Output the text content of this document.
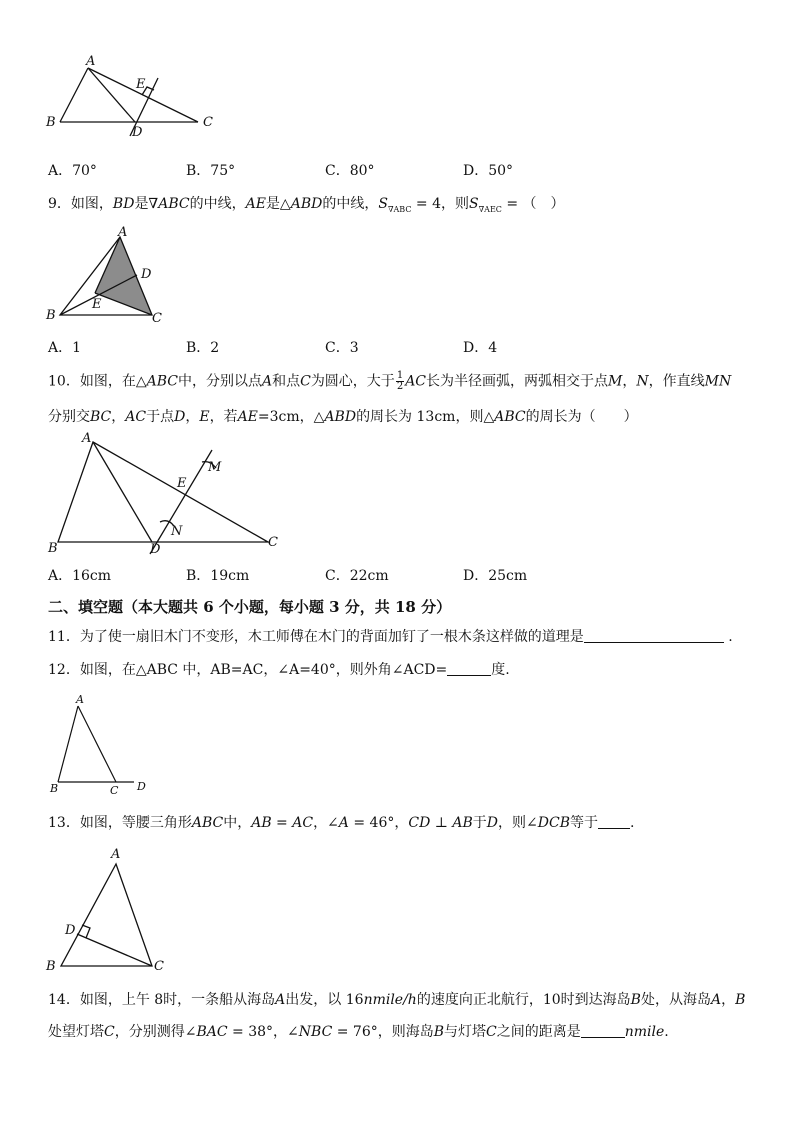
A
B	C
D
E
A．70°	B．75°	C．80°	D．50°
9．如图，BD是∇ABC的中线，AE是△ABD的中线，$S_{\nabla ABC} = 4$，则$S_{\nabla AEC}$ = （　）
A
B	C
D
E
A．1	B．2	C．3	D．4
10．如图，在△ABC中，分别以点A和点C为圆心，大于 $\frac{1}{2}$ AC长为半径画弧，两弧相交于点M，N，作直线MN
分别交BC，AC于点D，E，若AE=3cm，△ABD的周长为 13cm，则△ABC的周长为（　　）
A
B	C
D
E
M
N
A．16cm	B．19cm	C．22cm	D．25cm
二、填空题（本大题共 6 个小题，每小题 3 分，共 18 分）
11．为了使一扇旧木门不变形，木工师傅在木门的背面加钉了一根木条这样做的道理是	.
12．如图，在△ABC 中，AB=AC，∠A=40°，则外角∠ACD=	度.
A
B	C D
13．如图，等腰三角形ABC中，AB = AC，∠A = 46°，CD ⊥ AB于D，则∠DCB等于 .
A
B	C
D
14．如图，上午 8时，一条船从海岛A出发，以 16nmile/h的速度向正北航行，10时到达海岛B处，从海岛A，B
处望灯塔C，分别测得∠BAC = 38°，∠NBC = 76°，则海岛B与灯塔C之间的距离是	nmile.
